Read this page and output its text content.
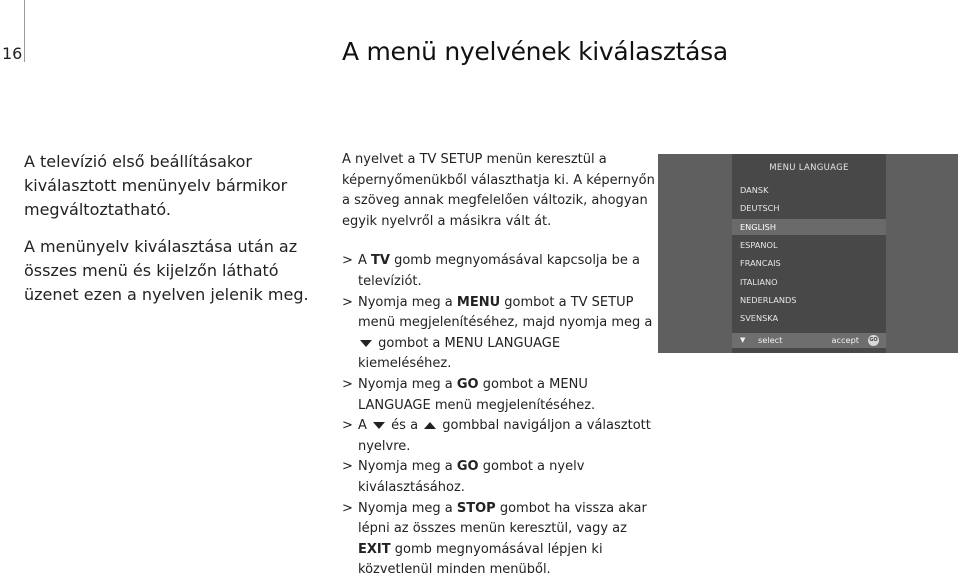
16	A menü nyelvének kiválasztása

A televízió első beállításakor kiválasztott menünyelv bármikor megváltoztatható.

A menünyelv kiválasztása után az összes menü és kijelzőn látható üzenet ezen a nyelven jelenik meg.

A nyelvet a TV SETUP menün keresztül a képernyőmenükből választhatja ki. A képernyőn a szöveg annak megfelelően változik, ahogyan egyik nyelvről a másikra vált át.

> A TV gomb megnyomásával kapcsolja be a televíziót.
> Nyomja meg a MENU gombot a TV SETUP menü megjelenítéséhez, majd nyomja meg a  gombot a MENU LANGUAGE kiemeléséhez.
> Nyomja meg a GO gombot a MENU LANGUAGE menü megjelenítéséhez.
> A  és a  gombbal navigáljon a választott nyelvre.
> Nyomja meg a GO gombot a nyelv kiválasztásához.
> Nyomja meg a STOP gombot ha vissza akar lépni az összes menün keresztül, vagy az EXIT gomb megnyomásával lépjen ki közvetlenül minden menüből.
MENU LANGUAGE
DANSK
DEUTSCH
ENGLISH
ESPANOL
FRANCAIS
ITALIANO
NEDERLANDS
SVENSKA
▼ select	accept GO
